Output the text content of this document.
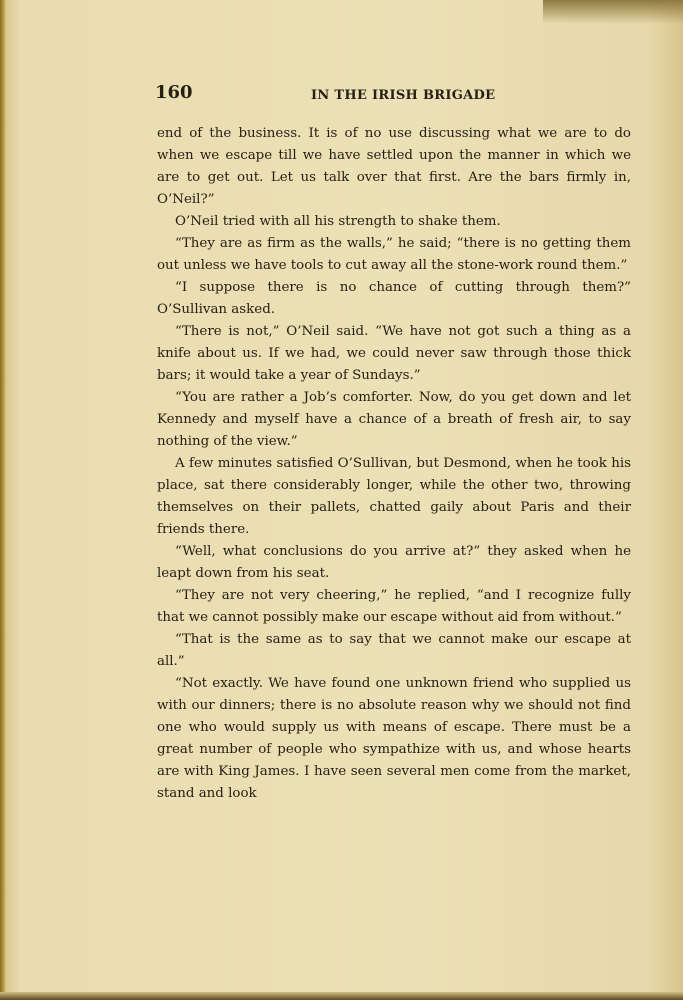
160	IN THE IRISH BRIGADE

end of the business. It is of no use discussing what we are to do when we escape till we have settled upon the manner in which we are to get out. Let us talk over that first. Are the bars firmly in, O’Neil?”

O’Neil tried with all his strength to shake them.

“They are as firm as the walls,” he said; “there is no getting them out unless we have tools to cut away all the stone-work round them.”

“I suppose there is no chance of cutting through them?” O’Sullivan asked.

“There is not,” O’Neil said. “We have not got such a thing as a knife about us. If we had, we could never saw through those thick bars; it would take a year of Sundays.”

“You are rather a Job’s comforter. Now, do you get down and let Kennedy and myself have a chance of a breath of fresh air, to say nothing of the view.”

A few minutes satisfied O’Sullivan, but Desmond, when he took his place, sat there considerably longer, while the other two, throwing themselves on their pallets, chatted gaily about Paris and their friends there.

“Well, what conclusions do you arrive at?” they asked when he leapt down from his seat.

“They are not very cheering,” he replied, “and I recognize fully that we cannot possibly make our escape without aid from without.”

“That is the same as to say that we cannot make our escape at all.”

“Not exactly. We have found one unknown friend who supplied us with our dinners; there is no absolute reason why we should not find one who would supply us with means of escape. There must be a great number of people who sympathize with us, and whose hearts are with King James. I have seen several men come from the market, stand and look
